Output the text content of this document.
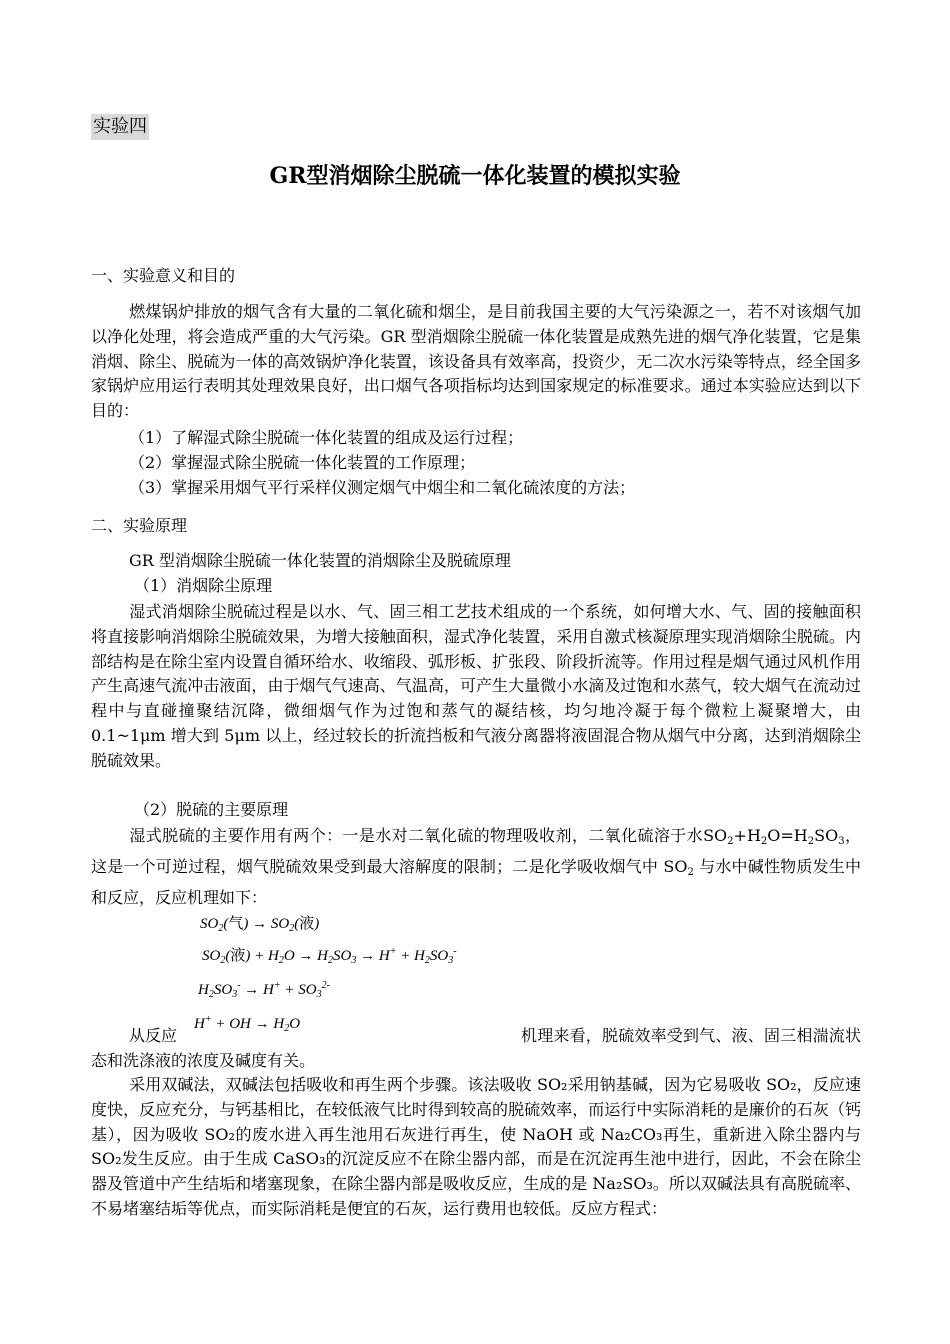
实验四
GR型消烟除尘脱硫一体化装置的模拟实验
一、实验意义和目的

燃煤锅炉排放的烟气含有大量的二氧化硫和烟尘，是目前我国主要的大气污染源之一，若不对该烟气加以净化处理，将会造成严重的大气污染。GR 型消烟除尘脱硫一体化装置是成熟先进的烟气净化装置，它是集消烟、除尘、脱硫为一体的高效锅炉净化装置，该设备具有效率高，投资少，无二次水污染等特点，经全国多家锅炉应用运行表明其处理效果良好，出口烟气各项指标均达到国家规定的标准要求。通过本实验应达到以下目的：

（1）了解湿式除尘脱硫一体化装置的组成及运行过程；
（2）掌握湿式除尘脱硫一体化装置的工作原理；
（3）掌握采用烟气平行采样仪测定烟气中烟尘和二氧化硫浓度的方法；
二、实验原理
GR 型消烟除尘脱硫一体化装置的消烟除尘及脱硫原理
（1）消烟除尘原理

湿式消烟除尘脱硫过程是以水、气、固三相工艺技术组成的一个系统，如何增大水、气、固的接触面积将直接影响消烟除尘脱硫效果，为增大接触面积，湿式净化装置，采用自激式核凝原理实现消烟除尘脱硫。内部结构是在除尘室内设置自循环给水、收缩段、弧形板、扩张段、阶段折流等。作用过程是烟气通过风机作用产生高速气流冲击液面，由于烟气气速高、气温高，可产生大量微小水滴及过饱和水蒸气，较大烟气在流动过程中与直碰撞聚结沉降，微细烟气作为过饱和蒸气的凝结核，均匀地冷凝于每个微粒上凝聚增大，由 0.1~1μm 增大到 5μm 以上，经过较长的折流挡板和气液分离器将液固混合物从烟气中分离，达到消烟除尘脱硫效果。

（2）脱硫的主要原理

湿式脱硫的主要作用有两个：一是水对二氧化硫的物理吸收剂，二氧化硫溶于水$SO_2+H_2O=H_2SO_3$，这是一个可逆过程，烟气脱硫效果受到最大溶解度的限制；二是化学吸收烟气中 $SO_2$ 与水中碱性物质发生中和反应，反应机理如下：

$SO_2$(气) → $SO_2$(液)
$SO_2$(液) + $H_2O \to H_2SO_3 \to H^+ + H_2SO_3^-$
$H_2SO_3^- \to H^+ + SO_3^{2-}$
从反应
H+ + OH → $H_2O$

机理来看，脱硫效率受到气、液、固三相湍流状态和洗涤液的浓度及碱度有关。

采用双碱法，双碱法包括吸收和再生两个步骤。该法吸收 SO₂采用钠基碱，因为它易吸收 SO₂，反应速度快，反应充分，与钙基相比，在较低液气比时得到较高的脱硫效率，而运行中实际消耗的是廉价的石灰（钙基），因为吸收 SO₂的废水进入再生池用石灰进行再生，使 NaOH 或 Na₂CO₃再生，重新进入除尘器内与 SO₂发生反应。由于生成 CaSO₃的沉淀反应不在除尘器内部，而是在沉淀再生池中进行，因此，不会在除尘器及管道中产生结垢和堵塞现象，在除尘器内部是吸收反应，生成的是 Na₂SO₃。所以双碱法具有高脱硫率、不易堵塞结垢等优点，而实际消耗是便宜的石灰，运行费用也较低。反应方程式：
